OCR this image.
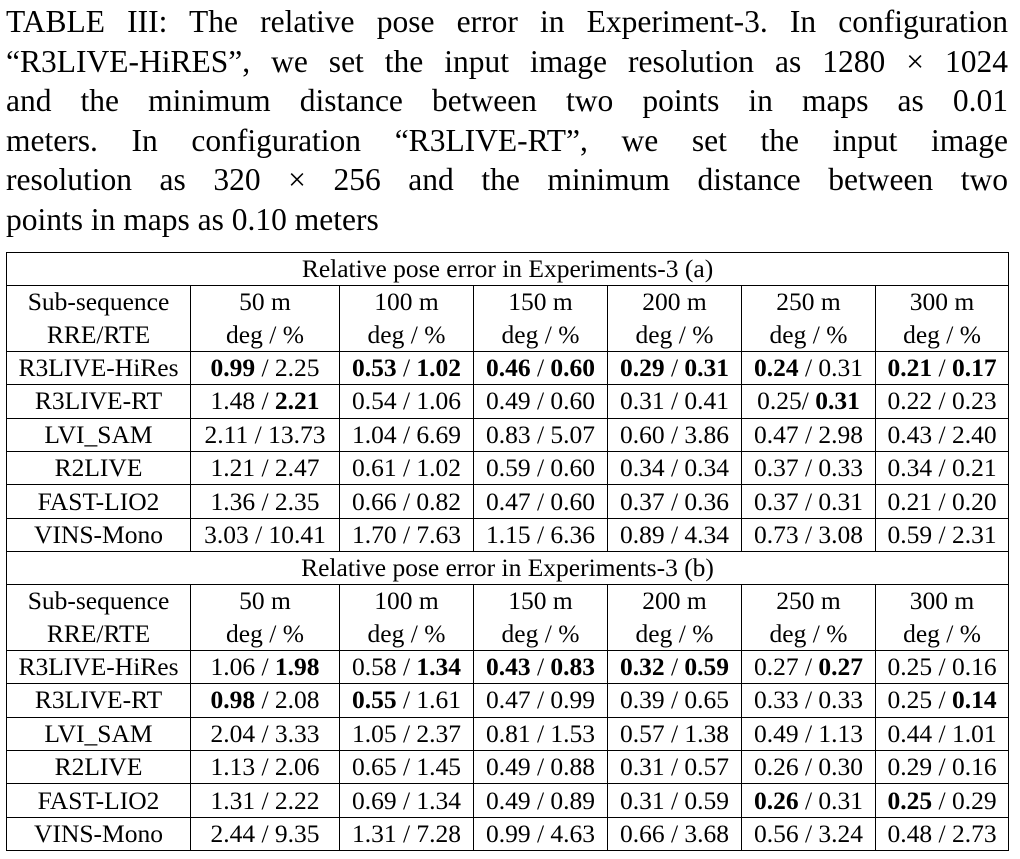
TABLE III: The relative pose error in Experiment-3. In configuration
“R3LIVE-HiRES”, we set the input image resolution as 1280 × 1024
and the minimum distance between two points in maps as 0.01
meters. In configuration “R3LIVE-RT”, we set the input image
resolution as 320 × 256 and the minimum distance between two
points in maps as 0.10 meters
Relative pose error in Experiments-3 (a)						
Sub-sequence	50 m	100 m	150 m	200 m	250 m	300 m
RRE/RTE	deg / %	deg / %	deg / %	deg / %	deg / %	deg / %
R3LIVE-HiRes	0.99 / 2.25	0.53 / 1.02	0.46 / 0.60	0.29 / 0.31	0.24 / 0.31	0.21 / 0.17
R3LIVE-RT	1.48 / 2.21	0.54 / 1.06	0.49 / 0.60	0.31 / 0.41	0.25/ 0.31	0.22 / 0.23
LVI_SAM	2.11 / 13.73	1.04 / 6.69	0.83 / 5.07	0.60 / 3.86	0.47 / 2.98	0.43 / 2.40
R2LIVE	1.21 / 2.47	0.61 / 1.02	0.59 / 0.60	0.34 / 0.34	0.37 / 0.33	0.34 / 0.21
FAST-LIO2	1.36 / 2.35	0.66 / 0.82	0.47 / 0.60	0.37 / 0.36	0.37 / 0.31	0.21 / 0.20
VINS-Mono	3.03 / 10.41	1.70 / 7.63	1.15 / 6.36	0.89 / 4.34	0.73 / 3.08	0.59 / 2.31
Relative pose error in Experiments-3 (b)						
Sub-sequence	50 m	100 m	150 m	200 m	250 m	300 m
RRE/RTE	deg / %	deg / %	deg / %	deg / %	deg / %	deg / %
R3LIVE-HiRes	1.06 / 1.98	0.58 / 1.34	0.43 / 0.83	0.32 / 0.59	0.27 / 0.27	0.25 / 0.16
R3LIVE-RT	0.98 / 2.08	0.55 / 1.61	0.47 / 0.99	0.39 / 0.65	0.33 / 0.33	0.25 / 0.14
LVI_SAM	2.04 / 3.33	1.05 / 2.37	0.81 / 1.53	0.57 / 1.38	0.49 / 1.13	0.44 / 1.01
R2LIVE	1.13 / 2.06	0.65 / 1.45	0.49 / 0.88	0.31 / 0.57	0.26 / 0.30	0.29 / 0.16
FAST-LIO2	1.31 / 2.22	0.69 / 1.34	0.49 / 0.89	0.31 / 0.59	0.26 / 0.31	0.25 / 0.29
VINS-Mono	2.44 / 9.35	1.31 / 7.28	0.99 / 4.63	0.66 / 3.68	0.56 / 3.24	0.48 / 2.73
